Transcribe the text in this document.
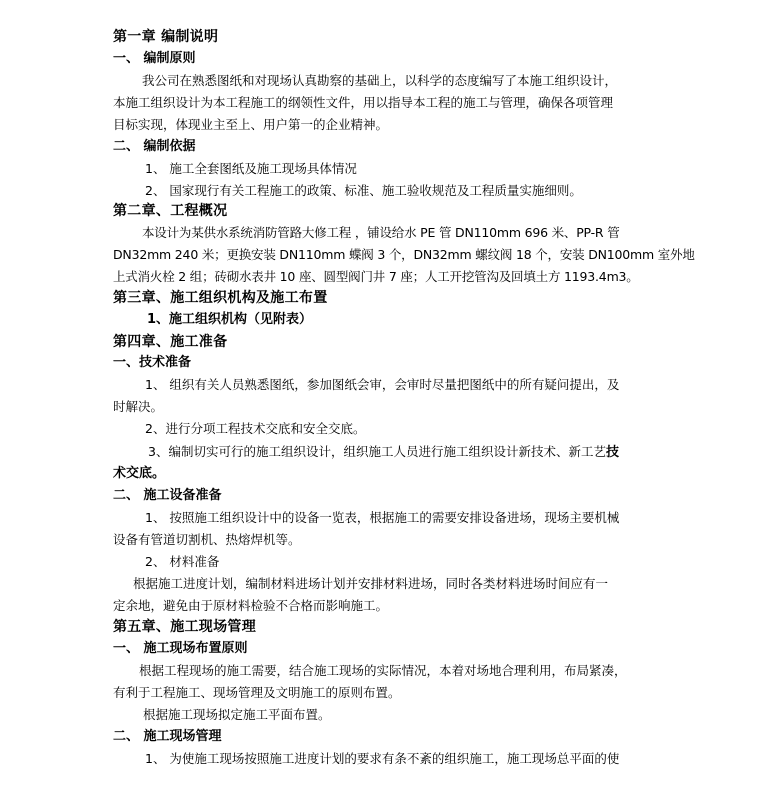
第一章 编制说明
一、 编制原则
我公司在熟悉图纸和对现场认真勘察的基础上，以科学的态度编写了本施工组织设计，
本施工组织设计为本工程施工的纲领性文件，用以指导本工程的施工与管理，确保各项管理
目标实现，体现业主至上、用户第一的企业精神。
二、 编制依据
1、 施工全套图纸及施工现场具体情况
2、 国家现行有关工程施工的政策、标准、施工验收规范及工程质量实施细则。
第二章、工程概况
本设计为某供水系统消防管路大修工程 ，铺设给水 PE 管 DN110mm 696 米、PP-R 管
DN32mm 240 米；更换安装 DN110mm 蝶阀 3 个，DN32mm 螺纹阀 18 个，安装 DN100mm 室外地
上式消火栓 2 组；砖砌水表井 10 座、圆型阀门井 7 座；人工开挖管沟及回填土方 1193.4m3。
第三章、施工组织机构及施工布置
1、施工组织机构（见附表）
第四章、施工准备
一、技术准备
1、 组织有关人员熟悉图纸，参加图纸会审，会审时尽量把图纸中的所有疑问提出，及
时解决。
2、进行分项工程技术交底和安全交底。
3、编制切实可行的施工组织设计，组织施工人员进行施工组织设计新技术、新工艺技
术交底。
二、 施工设备准备
1、 按照施工组织设计中的设备一览表，根据施工的需要安排设备进场，现场主要机械
设备有管道切割机、热熔焊机等。
2、 材料准备
根据施工进度计划，编制材料进场计划并安排材料进场，同时各类材料进场时间应有一
定余地，避免由于原材料检验不合格而影响施工。
第五章、施工现场管理
一、 施工现场布置原则
根据工程现场的施工需要，结合施工现场的实际情况，本着对场地合理利用，布局紧凑，
有利于工程施工、现场管理及文明施工的原则布置。
根据施工现场拟定施工平面布置。
二、 施工现场管理
1、 为使施工现场按照施工进度计划的要求有条不紊的组织施工，施工现场总平面的使
